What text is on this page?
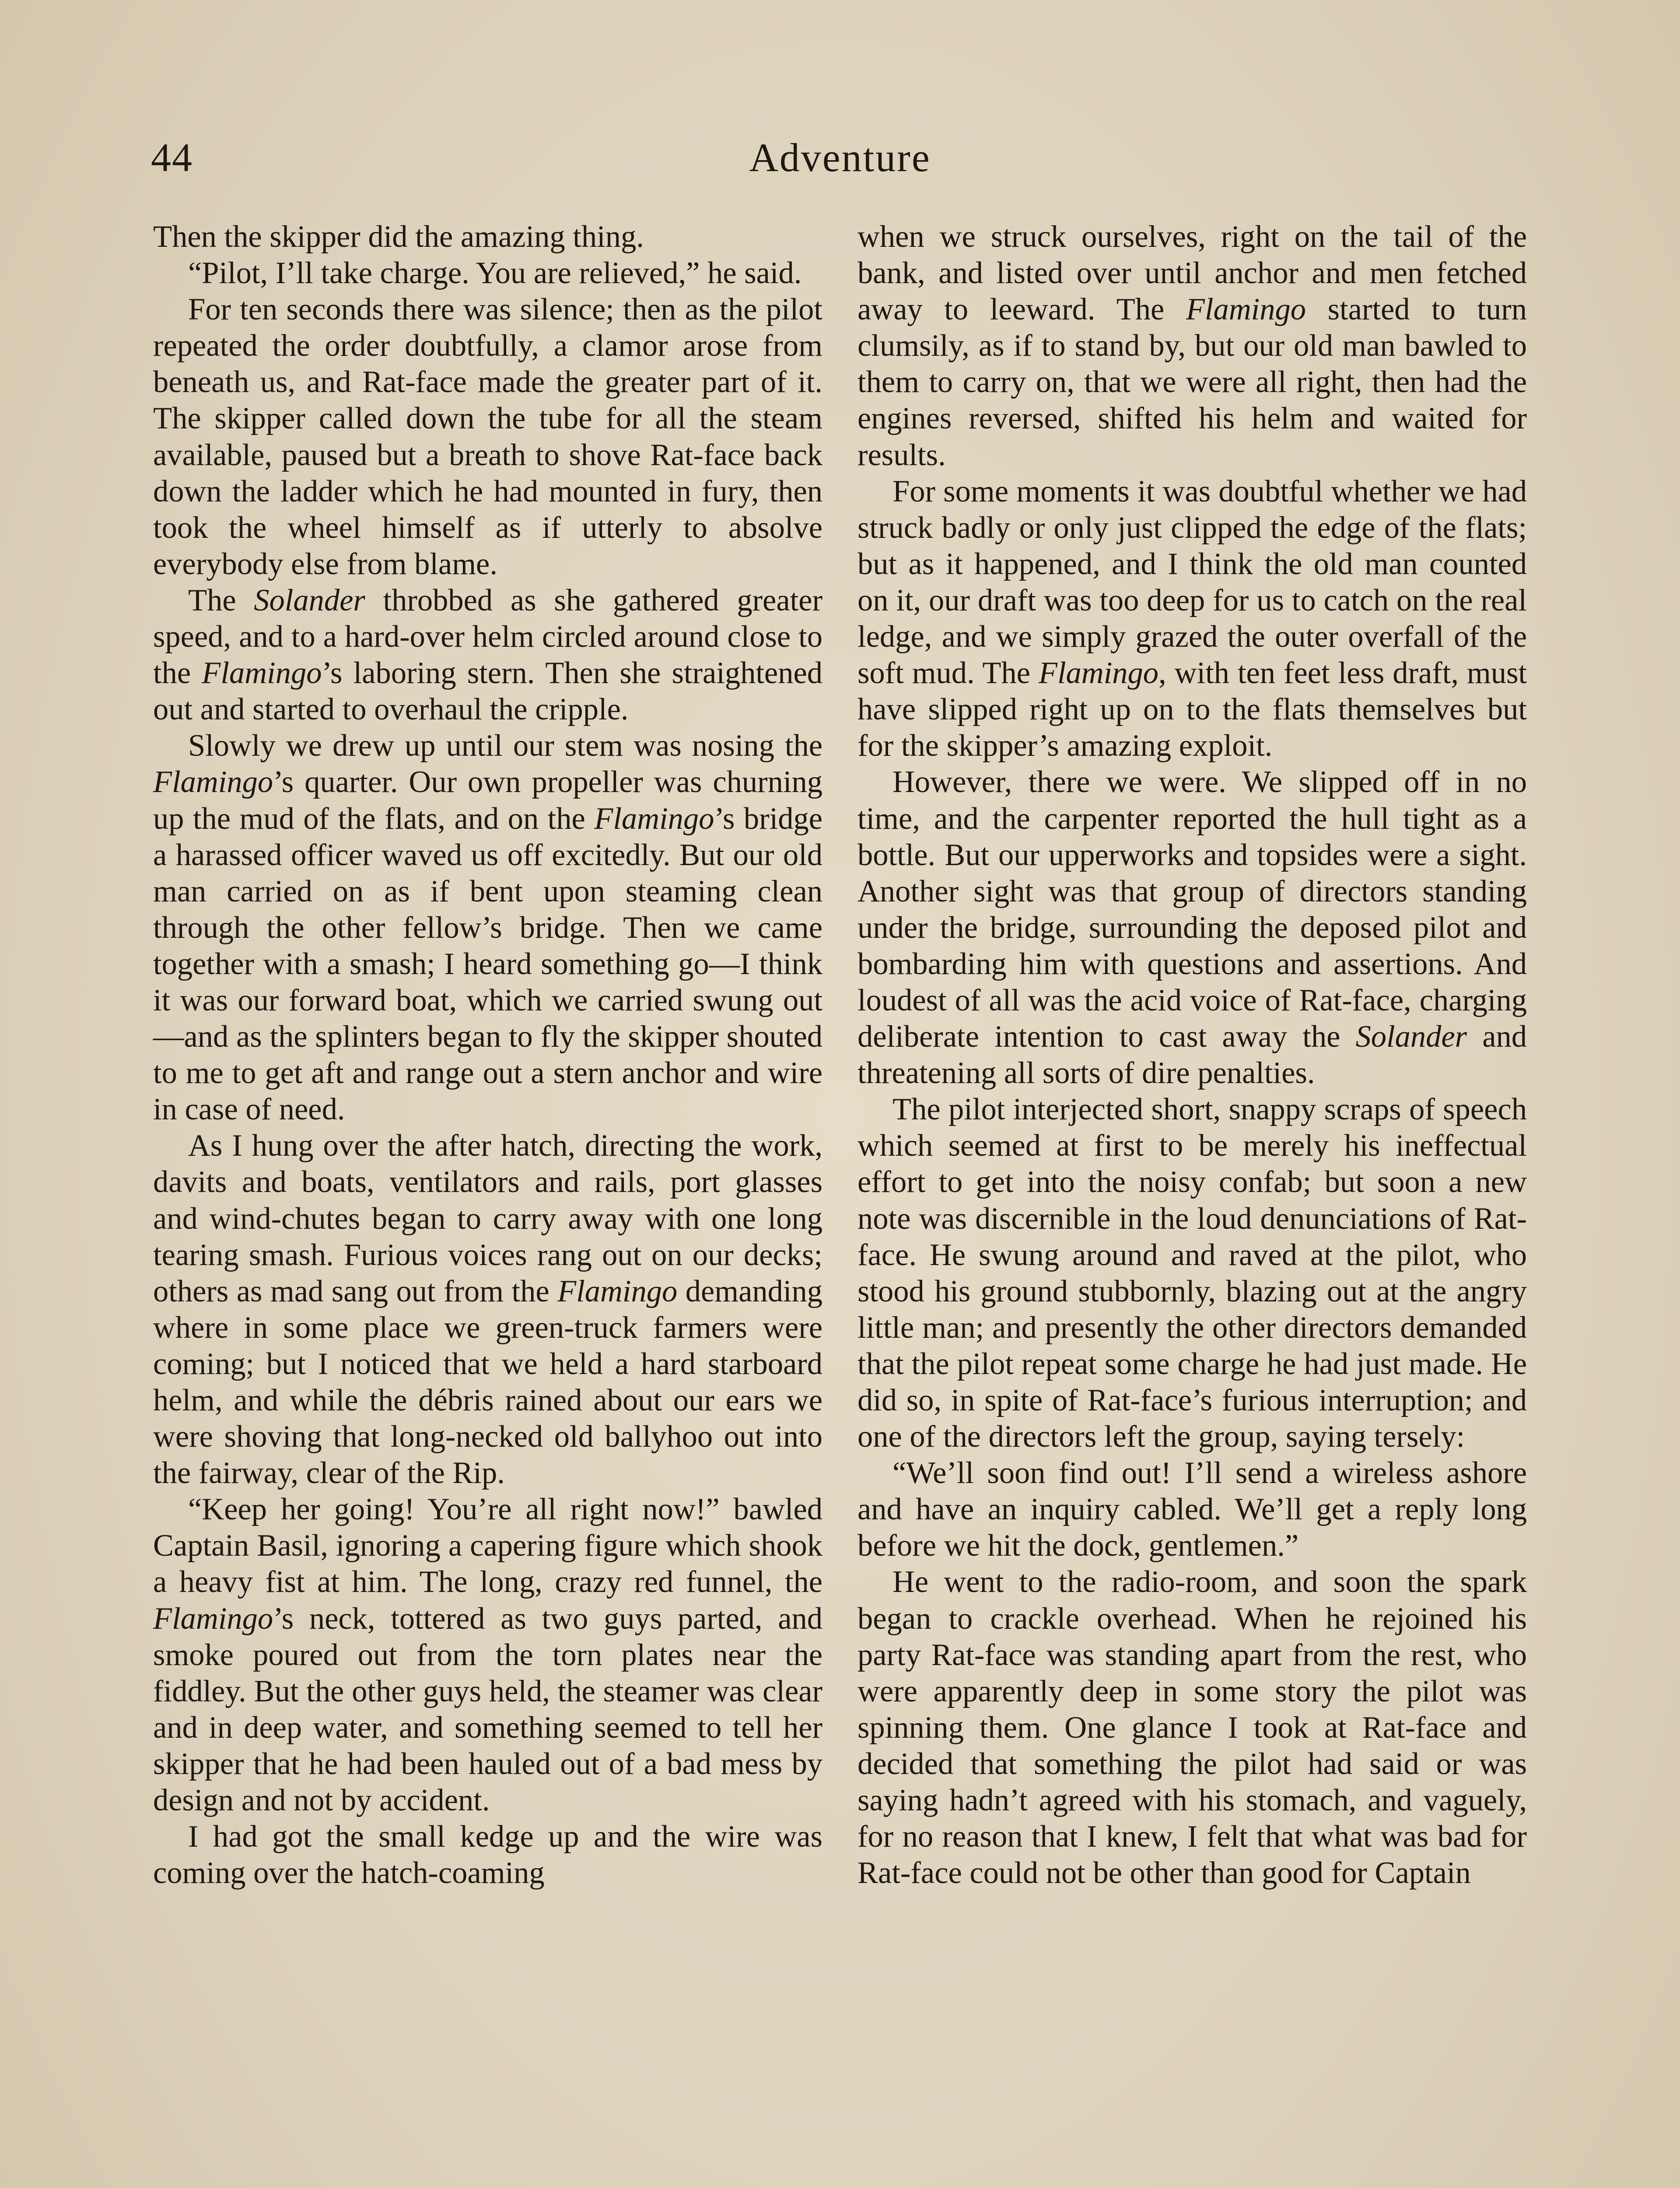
44	Adventure

Then the skipper did the amazing thing.

“Pilot, I’ll take charge. You are relieved,” he said.

For ten seconds there was silence; then as the pilot repeated the order doubtfully, a clamor arose from beneath us, and Rat-face made the greater part of it. The skipper called down the tube for all the steam available, paused but a breath to shove Rat-face back down the ladder which he had mounted in fury, then took the wheel himself as if utterly to absolve everybody else from blame.

The Solander throbbed as she gathered greater speed, and to a hard-over helm circled around close to the Flamingo’s laboring stern. Then she straightened out and started to overhaul the cripple.

Slowly we drew up until our stem was nosing the Flamingo’s quarter. Our own propeller was churning up the mud of the flats, and on the Flamingo’s bridge a harassed officer waved us off excitedly. But our old man carried on as if bent upon steaming clean through the other fellow’s bridge. Then we came together with a smash; I heard something go—I think it was our forward boat, which we carried swung out—and as the splinters began to fly the skipper shouted to me to get aft and range out a stern anchor and wire in case of need.

As I hung over the after hatch, directing the work, davits and boats, ventilators and rails, port glasses and wind-chutes began to carry away with one long tearing smash. Furious voices rang out on our decks; others as mad sang out from the Flamingo demanding where in some place we green-truck farmers were coming; but I noticed that we held a hard starboard helm, and while the débris rained about our ears we were shoving that long-necked old ballyhoo out into the fairway, clear of the Rip.

“Keep her going! You’re all right now!” bawled Captain Basil, ignoring a capering figure which shook a heavy fist at him. The long, crazy red funnel, the Flamingo’s neck, tottered as two guys parted, and smoke poured out from the torn plates near the fiddley. But the other guys held, the steamer was clear and in deep water, and something seemed to tell her skipper that he had been hauled out of a bad mess by design and not by accident.

I had got the small kedge up and the wire was coming over the hatch-coaming

when we struck ourselves, right on the tail of the bank, and listed over until anchor and men fetched away to leeward. The Flamingo started to turn clumsily, as if to stand by, but our old man bawled to them to carry on, that we were all right, then had the engines reversed, shifted his helm and waited for results.

For some moments it was doubtful whether we had struck badly or only just clipped the edge of the flats; but as it happened, and I think the old man counted on it, our draft was too deep for us to catch on the real ledge, and we simply grazed the outer overfall of the soft mud. The Flamingo, with ten feet less draft, must have slipped right up on to the flats themselves but for the skipper’s amazing exploit.

However, there we were. We slipped off in no time, and the carpenter reported the hull tight as a bottle. But our upperworks and topsides were a sight. Another sight was that group of directors standing under the bridge, surrounding the deposed pilot and bombarding him with questions and assertions. And loudest of all was the acid voice of Rat-face, charging deliberate intention to cast away the Solander and threatening all sorts of dire penalties.

The pilot interjected short, snappy scraps of speech which seemed at first to be merely his ineffectual effort to get into the noisy confab; but soon a new note was discernible in the loud denunciations of Rat-face. He swung around and raved at the pilot, who stood his ground stubbornly, blazing out at the angry little man; and presently the other directors demanded that the pilot repeat some charge he had just made. He did so, in spite of Rat-face’s furious interruption; and one of the directors left the group, saying tersely:

“We’ll soon find out! I’ll send a wireless ashore and have an inquiry cabled. We’ll get a reply long before we hit the dock, gentlemen.”

He went to the radio-room, and soon the spark began to crackle overhead. When he rejoined his party Rat-face was standing apart from the rest, who were apparently deep in some story the pilot was spinning them. One glance I took at Rat-face and decided that something the pilot had said or was saying hadn’t agreed with his stomach, and vaguely, for no reason that I knew, I felt that what was bad for Rat-face could not be other than good for Captain
